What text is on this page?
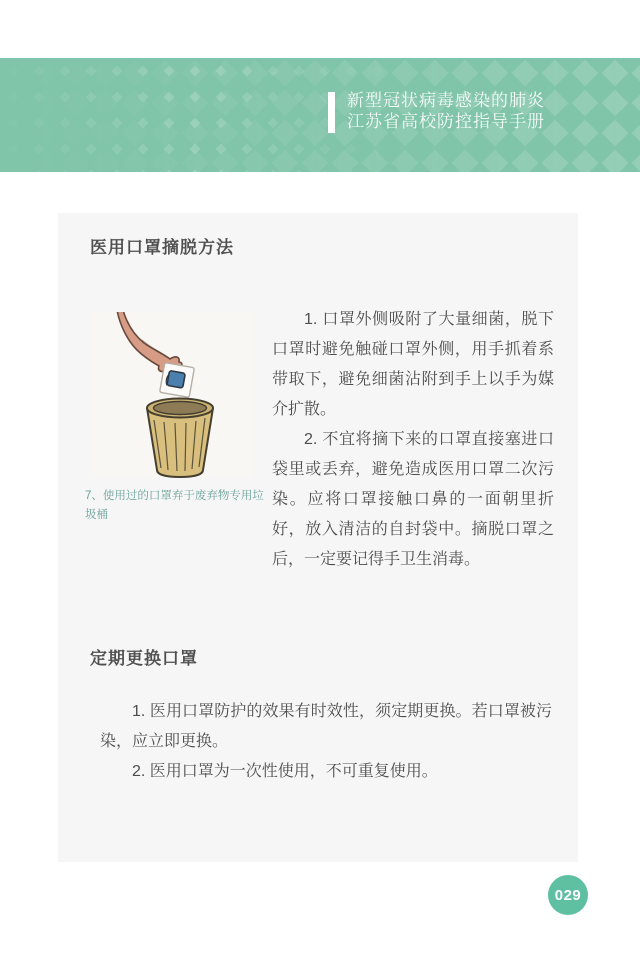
新型冠状病毒感染的肺炎
江苏省高校防控指导手册
医用口罩摘脱方法
7、使用过的口罩弃于废弃物专用垃圾桶

1. 口罩外侧吸附了大量细菌，脱下口罩时避免触碰口罩外侧，用手抓着系带取下，避免细菌沾附到手上以手为媒介扩散。

2. 不宜将摘下来的口罩直接塞进口袋里或丢弃，避免造成医用口罩二次污染。应将口罩接触口鼻的一面朝里折好，放入清洁的自封袋中。摘脱口罩之后，一定要记得手卫生消毒。

定期更换口罩

1. 医用口罩防护的效果有时效性，须定期更换。若口罩被污染，应立即更换。

2. 医用口罩为一次性使用，不可重复使用。

029
